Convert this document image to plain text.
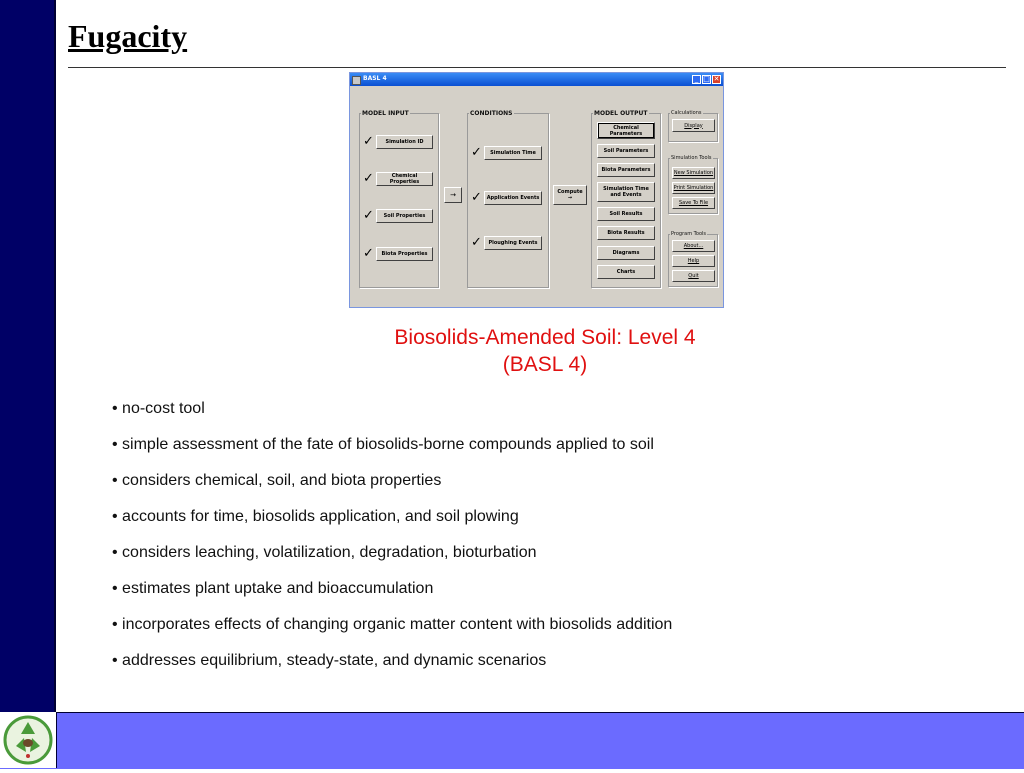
Fugacity
BASL 4	_ □ ✕
MODEL INPUT
✓	Simulation ID
✓	Chemical Properties
✓	Soil Properties
✓	Biota Properties
→
CONDITIONS
✓	Simulation Time
✓ Application Events
✓	Ploughing Events
Compute
→
MODEL OUTPUT
Chemical Parameters
Soil Parameters
Biota Parameters
Simulation Time and Events
Soil Results
Biota Results
Diagrams
Charts
Calculations
Display
Simulation Tools
New Simulation
Print Simulation
Save To File
Program Tools
About...
Help
Quit
Biosolids-Amended Soil: Level 4
(BASL 4)
• no-cost tool
• simple assessment of the fate of biosolids-borne compounds applied to soil
• considers chemical, soil, and biota properties
• accounts for time, biosolids application, and soil plowing
• considers leaching, volatilization, degradation, bioturbation
• estimates plant uptake and bioaccumulation
• incorporates effects of changing organic matter content with biosolids addition
• addresses equilibrium, steady-state, and dynamic scenarios
